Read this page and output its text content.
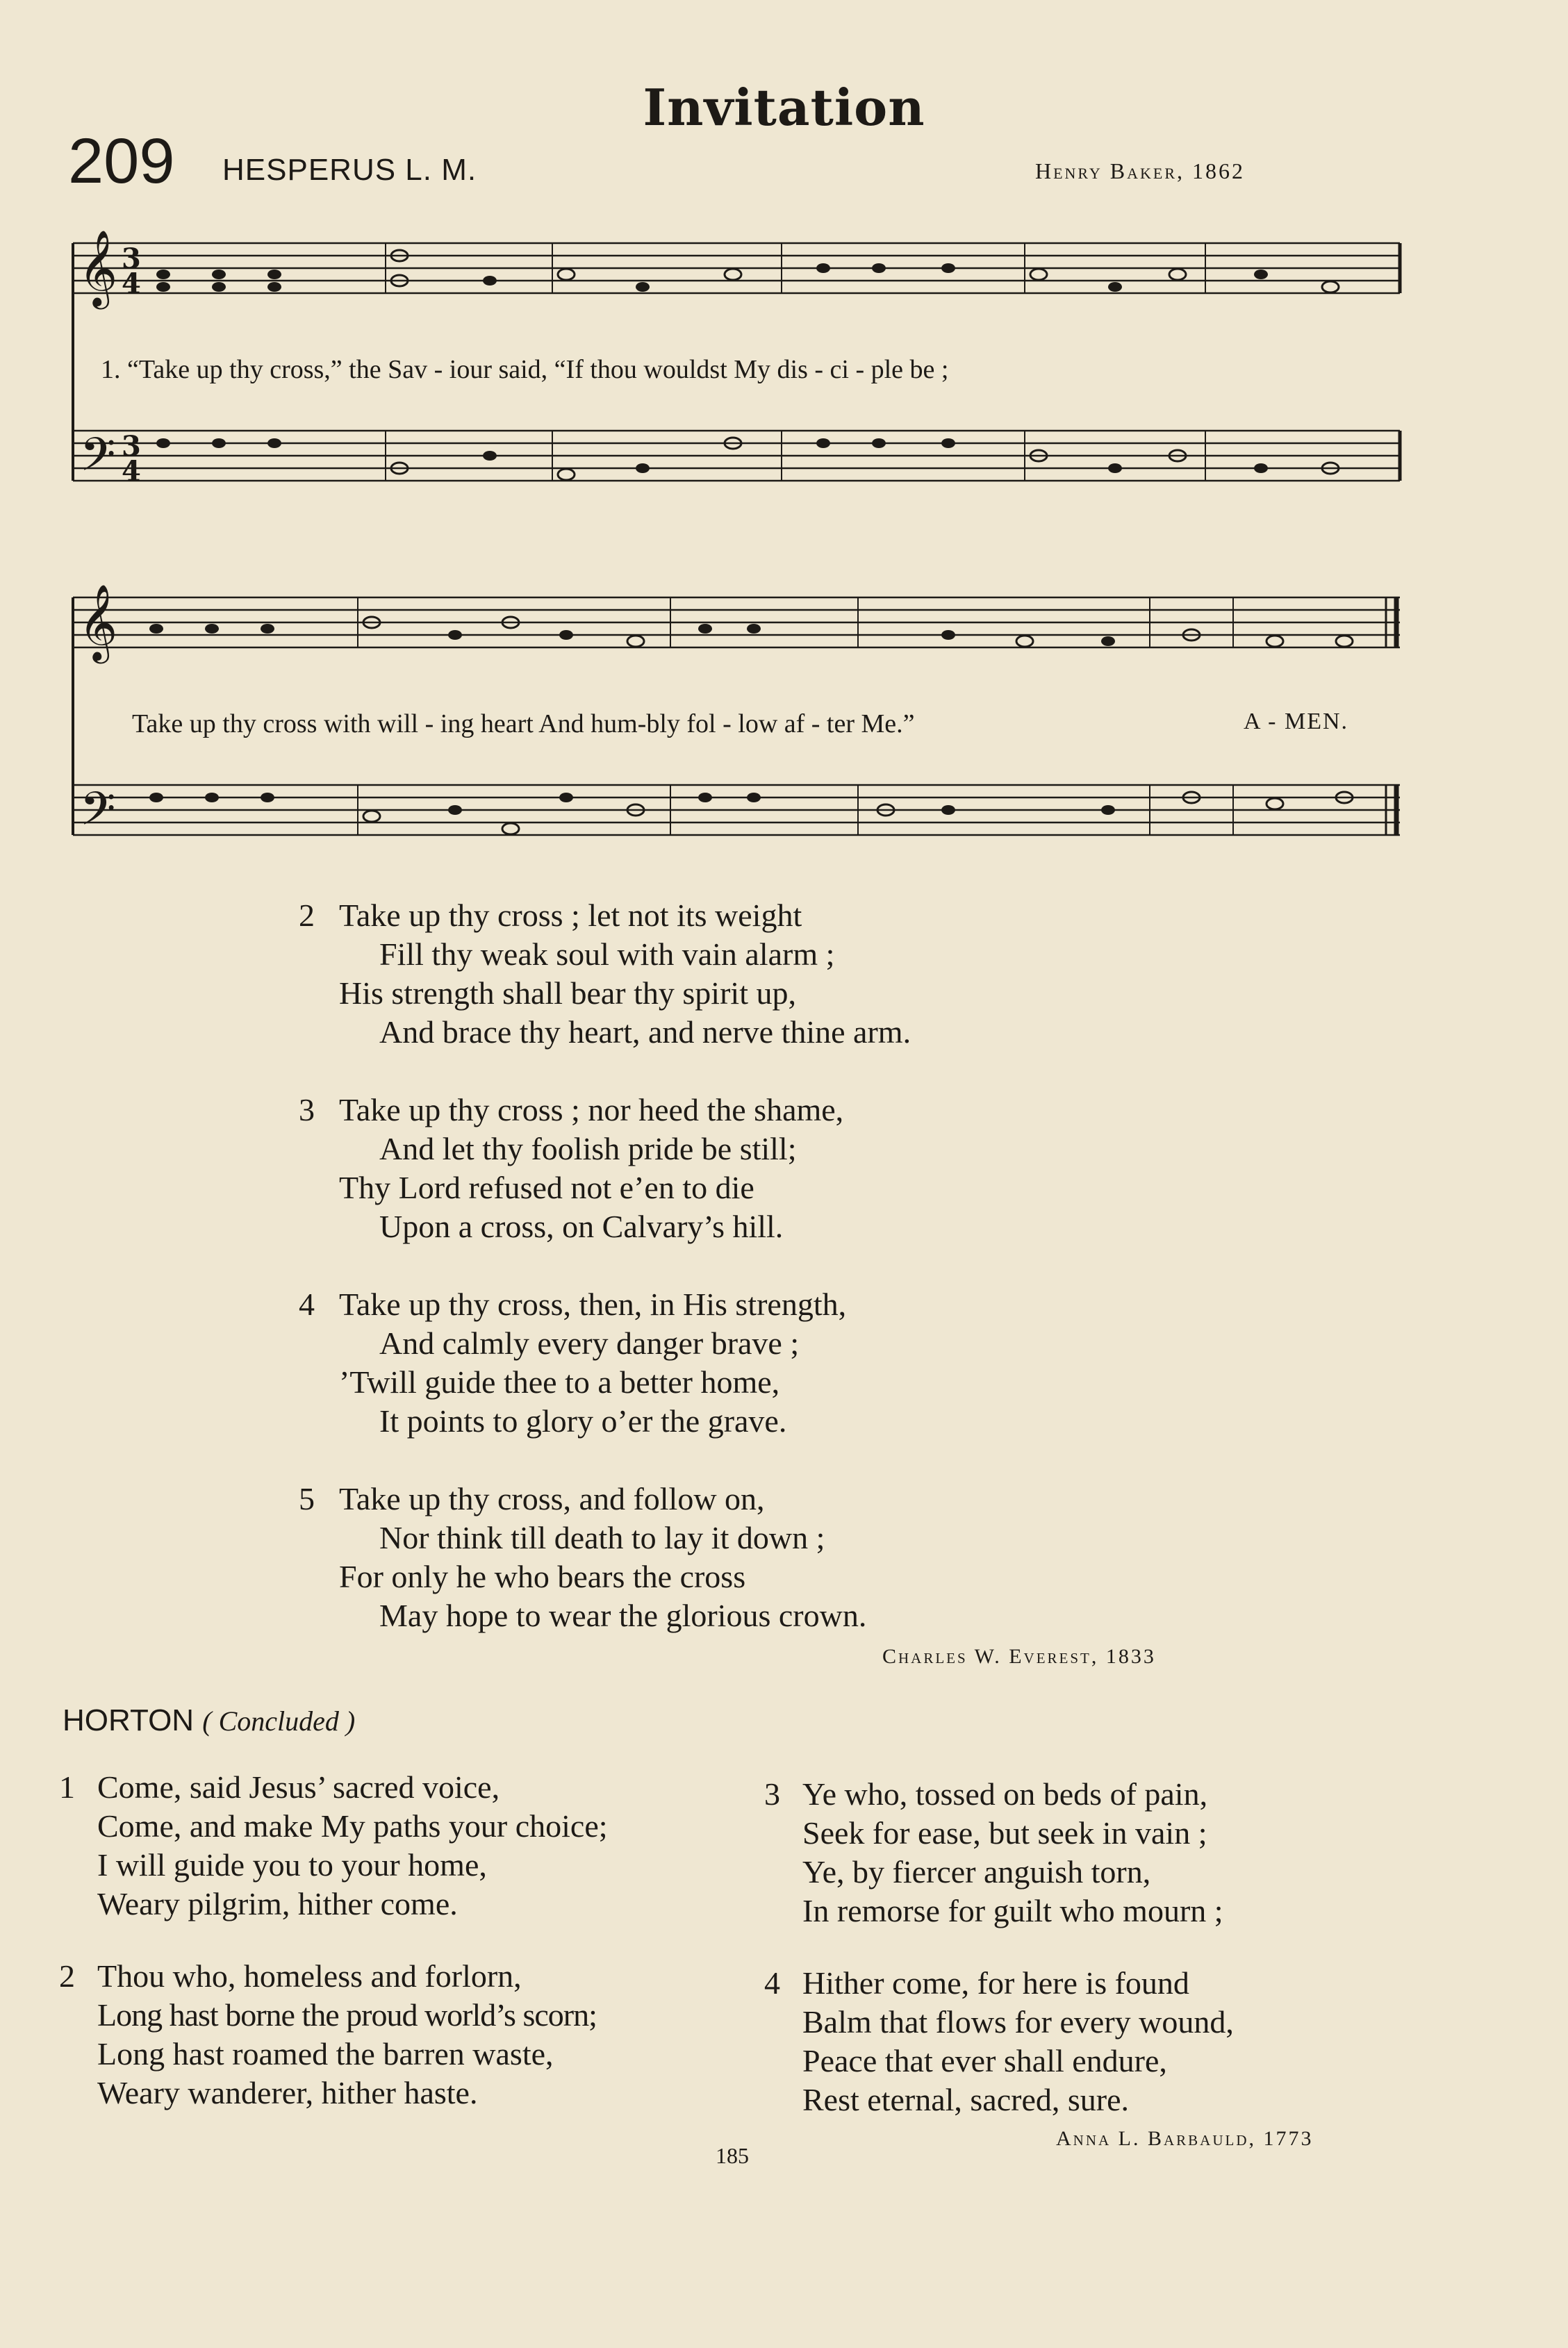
Invitation
209 HESPERUS L. M.	Henry Baker, 1862
𝄞 3
4
𝄢 3
4
𝄞
𝄢
1. “Take up thy cross,” the Sav - iour said, “If thou wouldst My dis - ci - ple be ;
Take up thy cross with will - ing heart And hum-bly fol - low af - ter Me.”	A - MEN.
2 Take up thy cross ; let not its weight
Fill thy weak soul with vain alarm ;
His strength shall bear thy spirit up,
And brace thy heart, and nerve thine arm.
3 Take up thy cross ; nor heed the shame,
And let thy foolish pride be still;
Thy Lord refused not e’en to die
Upon a cross, on Calvary’s hill.
4 Take up thy cross, then, in His strength,
And calmly every danger brave ;
’Twill guide thee to a better home,
It points to glory o’er the grave.
5 Take up thy cross, and follow on,
Nor think till death to lay it down ;
For only he who bears the cross
May hope to wear the glorious crown.
Charles W. Everest, 1833
HORTON ( Concluded )
1 Come, said Jesus’ sacred voice,
Come, and make My paths your choice;
I will guide you to your home,
Weary pilgrim, hither come.
2 Thou who, homeless and forlorn,
Long hast borne the proud world’s scorn;
Long hast roamed the barren waste,
Weary wanderer, hither haste.
3 Ye who, tossed on beds of pain,
Seek for ease, but seek in vain ;
Ye, by fiercer anguish torn,
In remorse for guilt who mourn ;
4 Hither come, for here is found
Balm that flows for every wound,
Peace that ever shall endure,
Rest eternal, sacred, sure.
Anna L. Barbauld, 1773
185
